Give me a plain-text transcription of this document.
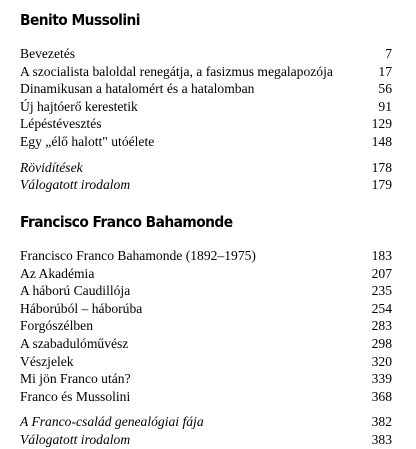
Benito Mussolini
Bevezetés	7
A szocialista baloldal renegátja, a fasizmus megalapozója	17
Dinamikusan a hatalomért és a hatalomban	56
Új hajtóerő kerestetik	91
Lépéstévesztés	129
Egy „élő halott" utóélete	148
Rövidítések	178
Válogatott irodalom	179
Francisco Franco Bahamonde
Francisco Franco Bahamonde (1892–1975)	183
Az Akadémia	207
A háború Caudillója	235
Háborúból – háborúba	254
Forgószélben	283
A szabadulóművész	298
Vészjelek	320
Mi jön Franco után?	339
Franco és Mussolini	368
A Franco-család genealógiai fája	382
Válogatott irodalom	383
